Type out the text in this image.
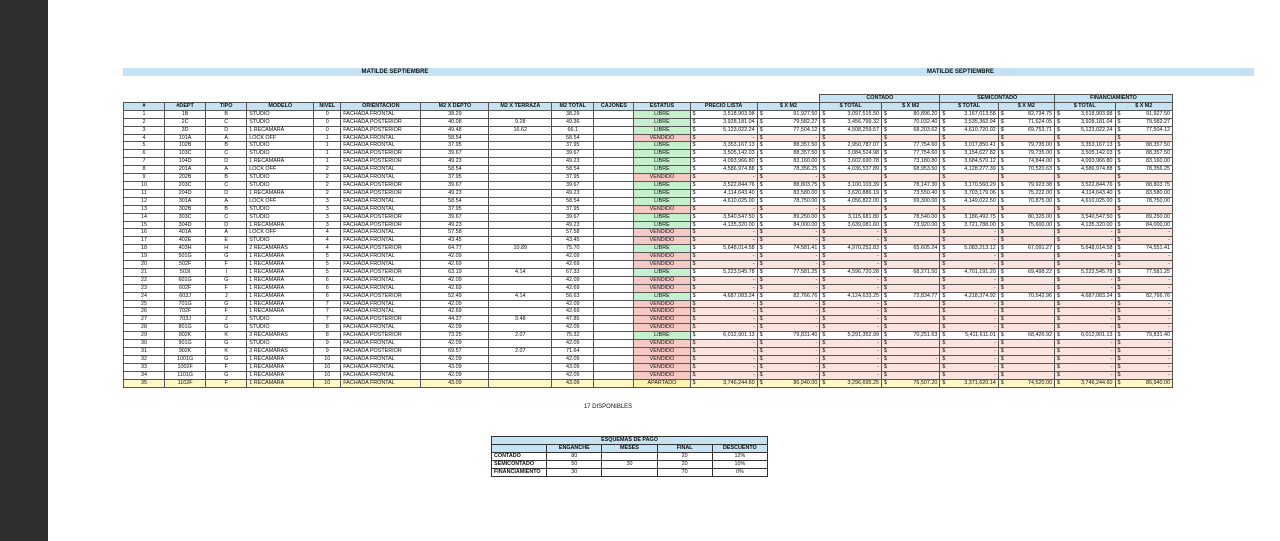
MATILDE SEPTIEMBRE	MATILDE SEPTIEMBRE
													CONTADO		SEMICONTADO		FINANCIAMIENTO	
#	#DEPT	TIPO	MODELO	NIVEL	ORIENTACION	M2 X DEPTO	M2 X TERRAZA	M2 TOTAL	CAJONES	ESTATUS	PRECIO LISTA	$ X M2	$ TOTAL	$ X M2	$ TOTAL	$ X M2	$ TOTAL	$ X M2
1	1B	B	STUDIO	0	FACHADA FRONTAL	38.29		38.29		LIBRE	$ 3,518,903.98	$ 91,927.50	$ 3,097,515.50	$ 80,896.20	$ 3,167,013.58	$ 82,734.75	$ 3,518,903.98	$ 91,927.50
2	2C	C	STUDIO	0	FACHADA POSTERIOR	40.08	9.28	49.36		LIBRE	$ 3,928,181.04	$ 79,582.27	$ 3,456,799.32	$ 70,032.40	$ 3,535,362.94	$ 71,624.05	$ 3,928,181.04	$ 79,582.27
3	3D	D	1 RECAMARA	0	FACHADA POSTERIOR	49.48	16.62	66.1		LIBRE	$ 5,123,022.24	$ 77,504.12	$ 4,508,259.57	$ 68,203.62	$ 4,610,720.02	$ 69,753.71	$ 5,123,022.24	$ 77,504.12
4	101A	A	LOCK OFF	1	FACHADA FRONTAL	58.54		58.54		VENDIDO	$ -	$ -	$	$	$	$	$	$

5	102B	B	STUDIO	1	FACHADA FRONTAL	37.95		37.95		LIBRE	$ 3,353,167.13	$ 88,357.50	$ 2,950,787.07	$ 77,754.60	$ 3,017,850.41	$ 79,735.00	$ 3,353,167.13	$ 88,357.50
6	103C	C	STUDIO	1	FACHADA POSTERIOR	39.67		39.67		LIBRE	$ 3,505,142.03	$ 88,357.50	$ 3,084,524.98	$ 77,754.60	$ 3,154,627.82	$ 79,735.00	$ 3,505,142.03	$ 88,357.50
7	104D	D	1 RECAMARA	1	FACHADA POSTERIOR	49.23		49.23		LIBRE	$ 4,093,966.80	$ 83,160.00	$ 3,602,690.78	$ 73,180.80	$ 3,684,570.12	$ 74,844.00	$ 4,093,966.80	$ 83,160.00
8	201A	A	LOCK OFF	2	FACHADA FRONTAL	58.54		58.54		LIBRE	$ 4,586,974.88	$ 78,356.25	$ 4,036,537.89	$ 68,953.50	$ 4,128,277.39	$ 70,520.63	$ 4,586,974.88	$ 78,356.25
9	202B	B	STUDIO	2	FACHADA FRONTAL	37.95		37.95		VENDIDO	$ -	$ -	$	$	$	$	$	$

10	203C	C	STUDIO	2	FACHADA POSTERIOR	39.67		39.67		LIBRE	$ 3,522,844.76	$ 88,803.75	$ 3,100,103.39	$ 78,147.30	$ 3,170,560.29	$ 79,923.38	$ 3,522,844.76	$ 88,803.75
11	204D	D	1 RECAMARA	2	FACHADA POSTERIOR	49.23		49.23		LIBRE	$ 4,114,643.40	$ 83,580.00	$ 3,620,886.19	$ 73,550.40	$ 3,703,179.06	$ 75,222.00	$ 4,114,643.40	$ 83,580.00
12	301A	A	LOCK OFF	3	FACHADA FRONTAL	58.54		58.54		LIBRE	$ 4,610,025.00	$ 78,750.00	$ 4,056,822.00	$ 69,300.00	$ 4,149,022.50	$ 70,875.00	$ 4,610,025.00	$ 78,750.00
13	302B	B	STUDIO	3	FACHADA FRONTAL	37.95		37.95		VENDIDO	$ -	$ -	$	$	$	$	$	$

14	303C	C	STUDIO	3	FACHADA POSTERIOR	39.67		39.67		LIBRE	$ 3,540,547.50	$ 89,250.00	$ 3,115,681.80	$ 78,540.00	$ 3,186,492.75	$ 80,325.00	$ 3,540,547.50	$ 89,250.00
15	304D	D	1 RECAMARA	3	FACHADA POSTERIOR	49.23		49.23		LIBRE	$ 4,135,320.00	$ 84,000.00	$ 3,639,081.60	$ 73,920.00	$ 3,721,788.00	$ 75,600.00	$ 4,135,320.00	$ 84,000.00
16	401A	A	LOCK OFF	4	FACHADA FRONTAL	57.58		57.58		VENDIDO	$ -	$ -	$ -	$	$ -	$	$ -	$ -
17	402E	E	STUDIO	4	FACHADA FRONTAL	43.45		43.45		VENDIDO	$ -	$ -	$ -	$	$ -	$	$ -	$ -
18	403H	H	2 RECAMARAS	4	FACHADA POSTERIOR	64.77	10.89	75.70		LIBRE	$ 5,648,014.58	$ 74,581.41	$ 4,970,252.83	$ 65,605.24	$ 5,083,213.12	$ 67,091.27	$ 5,648,014.58	$ 74,551.41
19	501G	G	1 RECAMARA	5	FACHADA FRONTAL	42.09		42.09		VENDIDO	$ -	$ -	$ -	$	$ -	$	$ -	$ -
20	502F	F	1 RECAMARA	5	FACHADA FRONTAL	42.69		42.69		VENDIDO	$ -	$ -	$ -	$	$ -	$	$ -	$ -
21	503I	I	1 RECAMARA	5	FACHADA POSTERIOR	63.19	4.14	67.33		LIBRE	$ 5,223,545.78	$ 77,581.25	$ 4,596,720.28	$ 68,271.50	$ 4,701,191.20	$ 69,498.22	$ 5,223,545.78	$ 77,581.25
22	601G	G	1 RECAMARA	6	FACHADA FRONTAL	42.09		42.09		VENDIDO	$ -	$ -	$ -	$	$ -	$	$ -	$ -
23	602F	F	1 RECAMARA	6	FACHADA FRONTAL	42.69		42.69		VENDIDO	$ -	$ -	$ -	$	$ -	$	$ -	$ -
24	603J	J	1 RECAMARA	6	FACHADA POSTERIOR	52.49	4.14	56.63		LIBRE	$ 4,687,083.24	$ 82,766.76	$ 4,124,633.25	$ 72,834.77	$ 4,218,374.92	$ 70,542.96	$ 4,687,083.24	$ 82,766.76
25	701G	G	1 RECAMARA	7	FACHADA FRONTAL	42.09		42.09		VENDIDO	$ -	$ -	$ -	$	$ -	$	$ -	$ -
26	702F	F	1 RECAMARA	7	FACHADA FRONTAL	42.69		42.69		VENDIDO	$ -	$ -	$ -	$	$ -	$	$ -	$ -
27	703J	J	STUDIO	7	FACHADA POSTERIOR	44.37	3.48	47.85		VENDIDO	$ -	$ -	$ -	$	$ -	$	$ -	$ -
28	801G	G	STUDIO	8	FACHADA FRONTAL	42.09		42.09		VENDIDO	$ -	$ -	$ -	$	$ -	$	$ -	$ -
29	802K	K	2 RECAMARAS	8	FACHADA POSTERIOR	73.25	2.07	75.32		LIBRE	$ 6,012,901.13	$ 79,831.40	$ 5,291,352.99	$ 70,251.63	$ 5,411,611.01	$ 68,426.92	$ 6,012,901.13	$ 79,831.40
30	901G	G	STUDIO	9	FACHADA FRONTAL	42.09		42.09		VENDIDO	$ -	$ -	$ -	$	$ -	$	$ -	$ -
31	902K	K	2 RECAMARAS	9	FACHADA POSTERIOR	69.57	2.07	71.64		VENDIDO	$ -	$ -	$ -	$	$ -	$	$ -	$ -
32	1001G	G	1 RECAMARA	10	FACHADA FRONTAL	42.09		42.09		VENDIDO	$ -	$ -	$ -	$ -	$ -	$	$ -	$ -
33	1002F	F	1 RECAMARA	10	FACHADA FRONTAL	43.09		43.09		VENDIDO	$ -	$ -	$ -	$	$ -	$	$ -	$ -
34	1101G	G	1 RECAMARA	10	FACHADA FRONTAL	42.09		42.09		VENDIDO	$ -	$ -	$ -	$	$ -	$	$ -	$ -
35	1102F	F	1 RECAMARA	10	FACHADA FRONTAL	43.09		43.09		APARTADO	$ 3,746,244.60	$ 86,940.00	$ 3,296,695.25	$ 76,507.20	$ 3,371,620.14	$ 74,520.00	$ 3,746,244.60	$ 86,940.00
17 DISPONIBLES
ESQUEMAS DE PAGO				
	ENGANCHE	MESES	FINAL	DESCUENTO
CONTADO	80		20	12%
SEMICONTADO	50	30	20	10%
FINANCIAMIENTO	30		70	0%
